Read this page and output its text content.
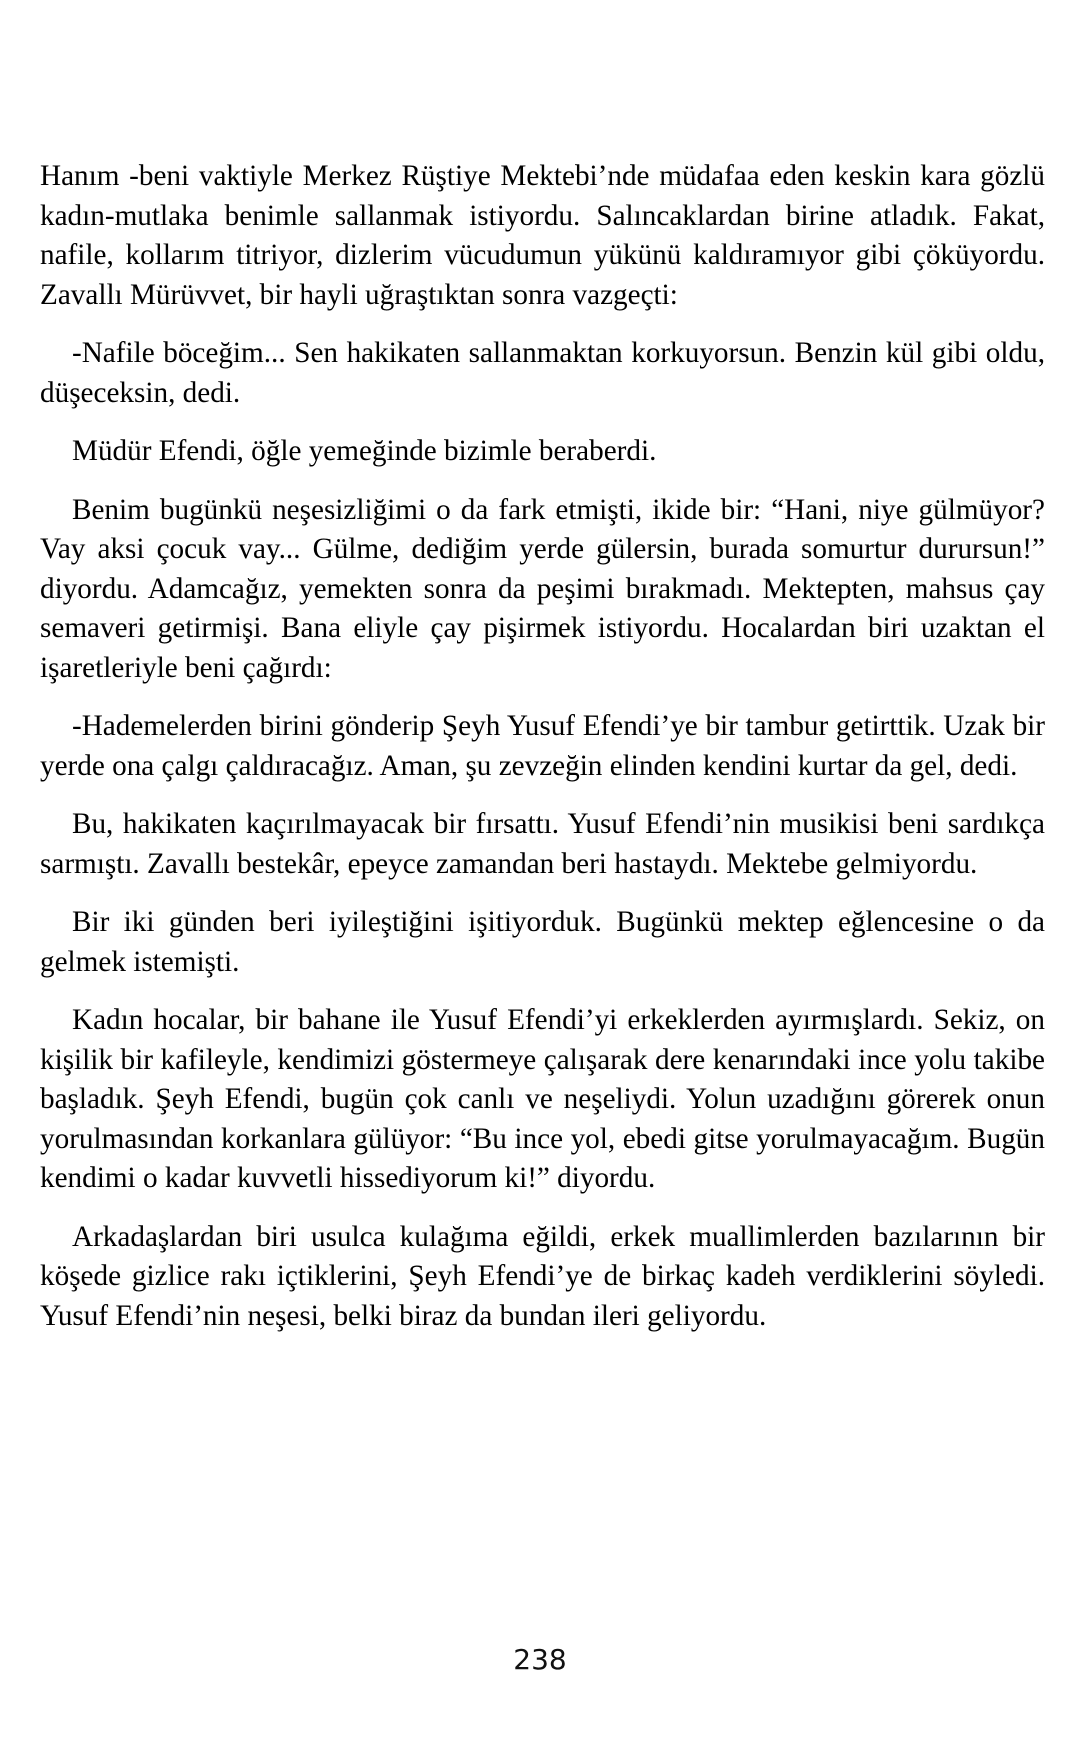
Hanım -beni vaktiyle Merkez Rüştiye Mektebi’nde müdafaa eden keskin kara gözlü kadın-mutlaka benimle sallanmak istiyordu. Salıncaklardan birine atladık. Fakat, nafile, kollarım titriyor, dizlerim vücudumun yükünü kaldıramıyor gibi çöküyordu. Zavallı Mürüvvet, bir hayli uğraştıktan sonra vazgeçti:

-Nafile böceğim... Sen hakikaten sallanmaktan korkuyorsun. Benzin kül gibi oldu, düşeceksin, dedi.

Müdür Efendi, öğle yemeğinde bizimle beraberdi.

Benim bugünkü neşesizliğimi o da fark etmişti, ikide bir: “Hani, niye gülmüyor? Vay aksi çocuk vay... Gülme, dediğim yerde gülersin, burada somurtur durursun!” diyordu. Adamcağız, yemekten sonra da peşimi bırakmadı. Mektepten, mahsus çay semaveri getirmişi. Bana eliyle çay pişirmek istiyordu. Hocalardan biri uzaktan el işaretleriyle beni çağırdı:

-Hademelerden birini gönderip Şeyh Yusuf Efendi’ye bir tambur getirttik. Uzak bir yerde ona çalgı çaldıracağız. Aman, şu zevzeğin elinden kendini kurtar da gel, dedi.

Bu, hakikaten kaçırılmayacak bir fırsattı. Yusuf Efendi’nin musikisi beni sardıkça sarmıştı. Zavallı bestekâr, epeyce zamandan beri hastaydı. Mektebe gelmiyordu.

Bir iki günden beri iyileştiğini işitiyorduk. Bugünkü mektep eğlencesine o da gelmek istemişti.

Kadın hocalar, bir bahane ile Yusuf Efendi’yi erkeklerden ayırmışlardı. Sekiz, on kişilik bir kafileyle, kendimizi göstermeye çalışarak dere kenarındaki ince yolu takibe başladık. Şeyh Efendi, bugün çok canlı ve neşeliydi. Yolun uzadığını görerek onun yorulmasından korkanlara gülüyor: “Bu ince yol, ebedi gitse yorulmayacağım. Bugün kendimi o kadar kuvvetli hissediyorum ki!” diyordu.

Arkadaşlardan biri usulca kulağıma eğildi, erkek muallimlerden bazılarının bir köşede gizlice rakı içtiklerini, Şeyh Efendi’ye de birkaç kadeh verdiklerini söyledi. Yusuf Efendi’nin neşesi, belki biraz da bundan ileri geliyordu.

238
